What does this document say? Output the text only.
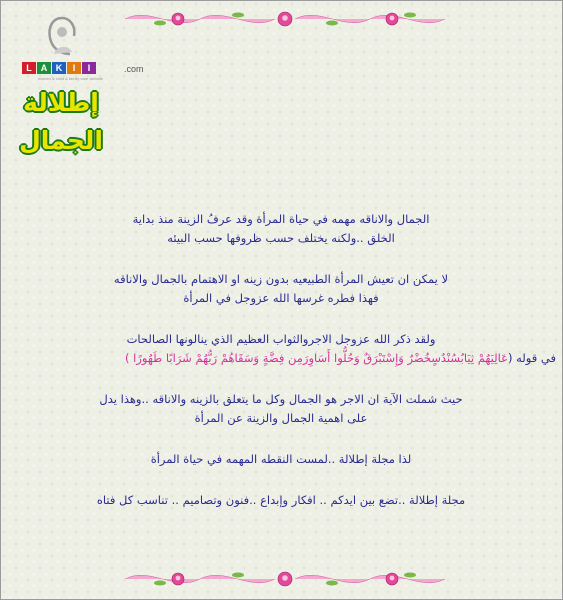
L	A K	I	I	.com
women & child & family care website
إطلالة الجمال

الجمال والاناقه مهمه في حياة المرأة وقد عرفُ الزينة منذ بداية
الخلق ..ولكنه يختلف حسب ظروفها حسب البيئه

لا يمكن ان تعيش المرأة الطبيعيه بدون زينه او الاهتمام بالجمال والاناقه
فهذا فطره غرسها الله عزوجل في المرأة

ولقد ذكر الله عزوجل الاجروالثواب العظيم الذي ينالونها الصالحات
في قوله (عَالِيَهُمْ ثِيَابُسُنْدُسٍخُضْرٌ وَإِسْتَبْرَقٌ وَحُلُّوا أَسَاوِرَمِن فِضَّةٍ وَسَقَاهُمْ رَبُّهُمْ شَرَابًا طَهُورًا )

حيث شملت الآية ان الاجر هو الجمال وكل ما يتعلق بالزينه والاناقه ..وهذا يدل
على اهمية الجمال والزينة عن المرأة

لذا مجلة إطلالة ..لمست النقطه المهمه في حياة المرأة

مجلة إطلالة ..تضع بين ايدكم .. افكار وإبداع ..فنون وتصاميم .. تناسب كل فتاه
